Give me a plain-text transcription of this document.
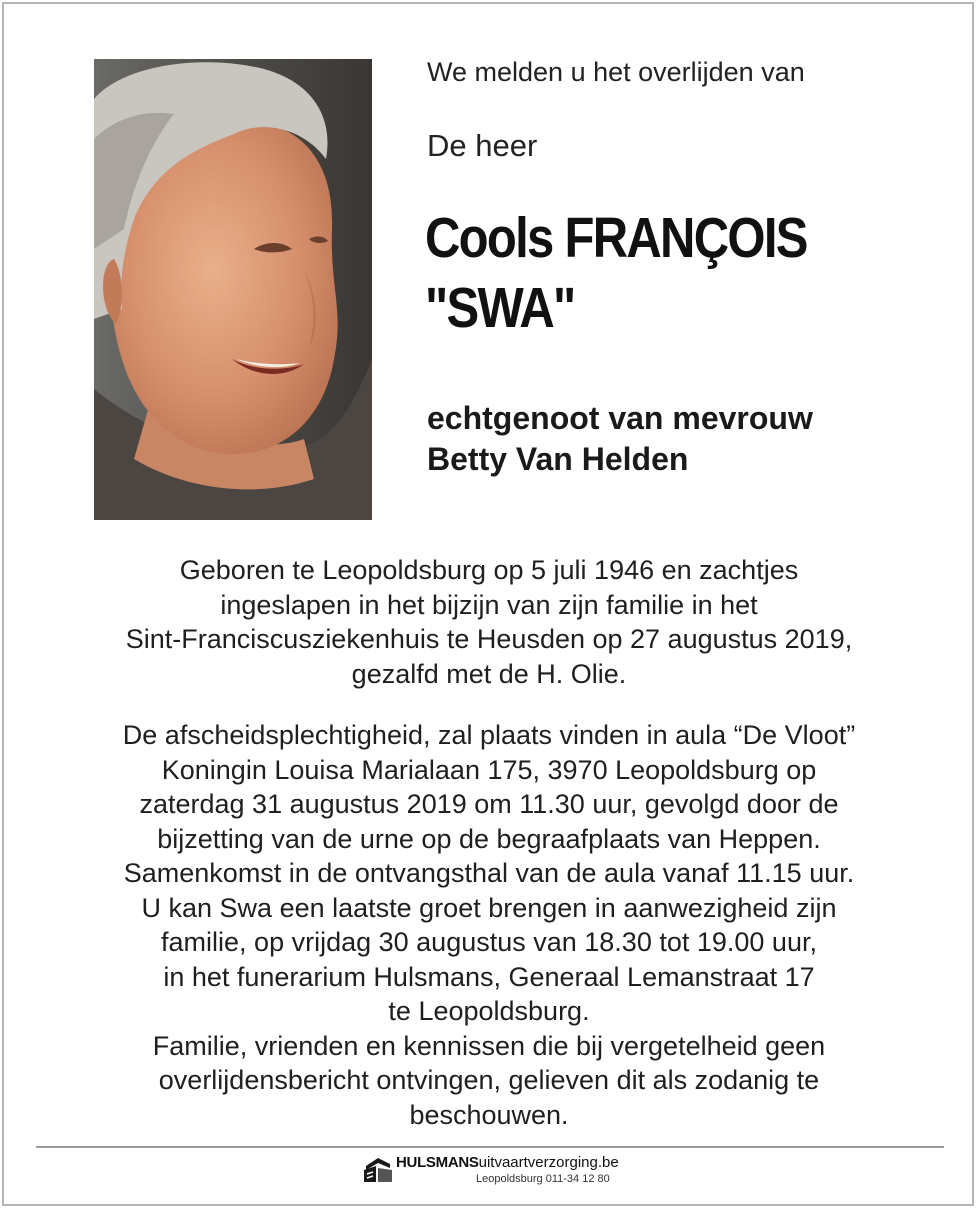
We melden u het overlijden van
De heer
Cools FRANÇOIS
"SWA"
echtgenoot van mevrouw
Betty Van Helden
Geboren te Leopoldsburg op 5 juli 1946 en zachtjes
ingeslapen in het bijzijn van zijn familie in het
Sint-Franciscusziekenhuis te Heusden op 27 augustus 2019,
gezalfd met de H. Olie.
De afscheidsplechtigheid, zal plaats vinden in aula “De Vloot”
Koningin Louisa Marialaan 175, 3970 Leopoldsburg op
zaterdag 31 augustus 2019 om 11.30 uur, gevolgd door de
bijzetting van de urne op de begraafplaats van Heppen.
Samenkomst in de ontvangsthal van de aula vanaf 11.15 uur.
U kan Swa een laatste groet brengen in aanwezigheid zijn
familie, op vrijdag 30 augustus van 18.30 tot 19.00 uur,
in het funerarium Hulsmans, Generaal Lemanstraat 17
te Leopoldsburg.
Familie, vrienden en kennissen die bij vergetelheid geen
overlijdensbericht ontvingen, gelieven dit als zodanig te
beschouwen.
HULSMANSuitvaartverzorging.be
Leopoldsburg 011-34 12 80
